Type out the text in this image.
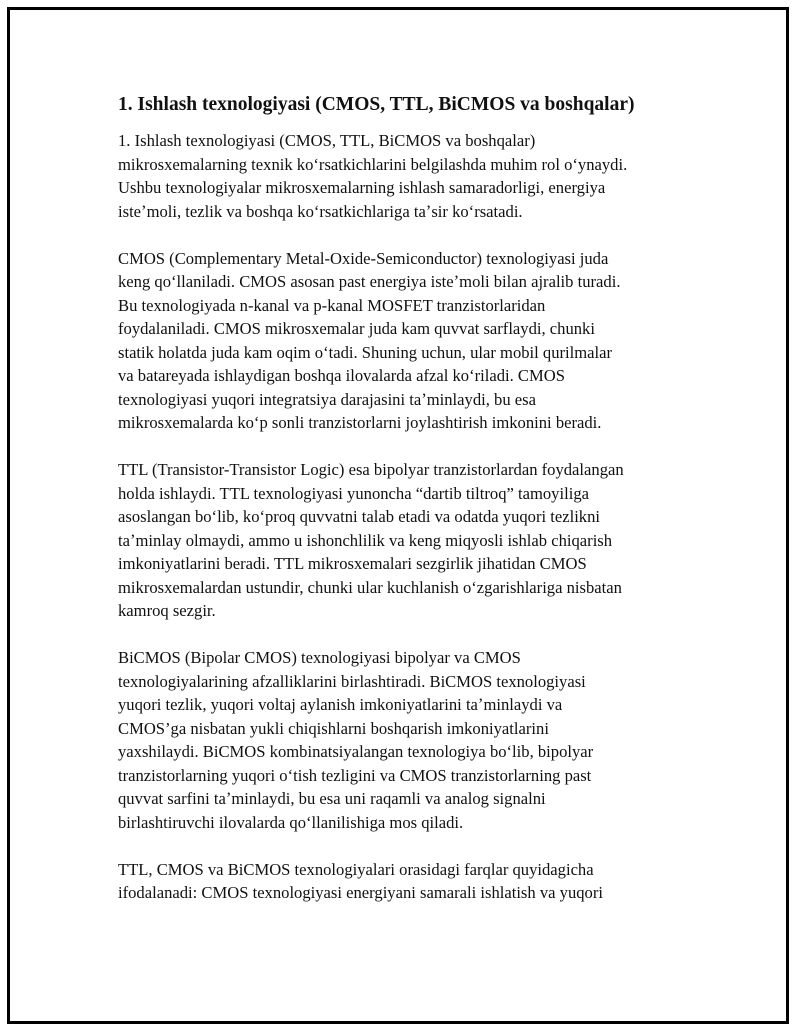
1. Ishlash texnologiyasi (CMOS, TTL, BiCMOS va boshqalar)

1. Ishlash texnologiyasi (CMOS, TTL, BiCMOS va boshqalar)
mikrosxemalarning texnik koʻrsatkichlarini belgilashda muhim rol oʻynaydi.
Ushbu texnologiyalar mikrosxemalarning ishlash samaradorligi, energiya
isteʼmoli, tezlik va boshqa koʻrsatkichlariga taʼsir koʻrsatadi.

CMOS (Complementary Metal-Oxide-Semiconductor) texnologiyasi juda
keng qoʻllaniladi. CMOS asosan past energiya isteʼmoli bilan ajralib turadi.
Bu texnologiyada n-kanal va p-kanal MOSFET tranzistorlaridan
foydalaniladi. CMOS mikrosxemalar juda kam quvvat sarflaydi, chunki
statik holatda juda kam oqim oʻtadi. Shuning uchun, ular mobil qurilmalar
va batareyada ishlaydigan boshqa ilovalarda afzal koʻriladi. CMOS
texnologiyasi yuqori integratsiya darajasini taʼminlaydi, bu esa
mikrosxemalarda koʻp sonli tranzistorlarni joylashtirish imkonini beradi.

TTL (Transistor-Transistor Logic) esa bipolyar tranzistorlardan foydalangan
holda ishlaydi. TTL texnologiyasi yunoncha “dartib tiltroq” tamoyiliga
asoslangan boʻlib, koʻproq quvvatni talab etadi va odatda yuqori tezlikni
taʼminlay olmaydi, ammo u ishonchlilik va keng miqyosli ishlab chiqarish
imkoniyatlarini beradi. TTL mikrosxemalari sezgirlik jihatidan CMOS
mikrosxemalardan ustundir, chunki ular kuchlanish oʻzgarishlariga nisbatan
kamroq sezgir.

BiCMOS (Bipolar CMOS) texnologiyasi bipolyar va CMOS
texnologiyalarining afzalliklarini birlashtiradi. BiCMOS texnologiyasi
yuqori tezlik, yuqori voltaj aylanish imkoniyatlarini taʼminlaydi va
CMOS’ga nisbatan yukli chiqishlarni boshqarish imkoniyatlarini
yaxshilaydi. BiCMOS kombinatsiyalangan texnologiya boʻlib, bipolyar
tranzistorlarning yuqori oʻtish tezligini va CMOS tranzistorlarning past
quvvat sarfini taʼminlaydi, bu esa uni raqamli va analog signalni
birlashtiruvchi ilovalarda qoʻllanilishiga mos qiladi.

TTL, CMOS va BiCMOS texnologiyalari orasidagi farqlar quyidagicha
ifodalanadi: CMOS texnologiyasi energiyani samarali ishlatish va yuqori
